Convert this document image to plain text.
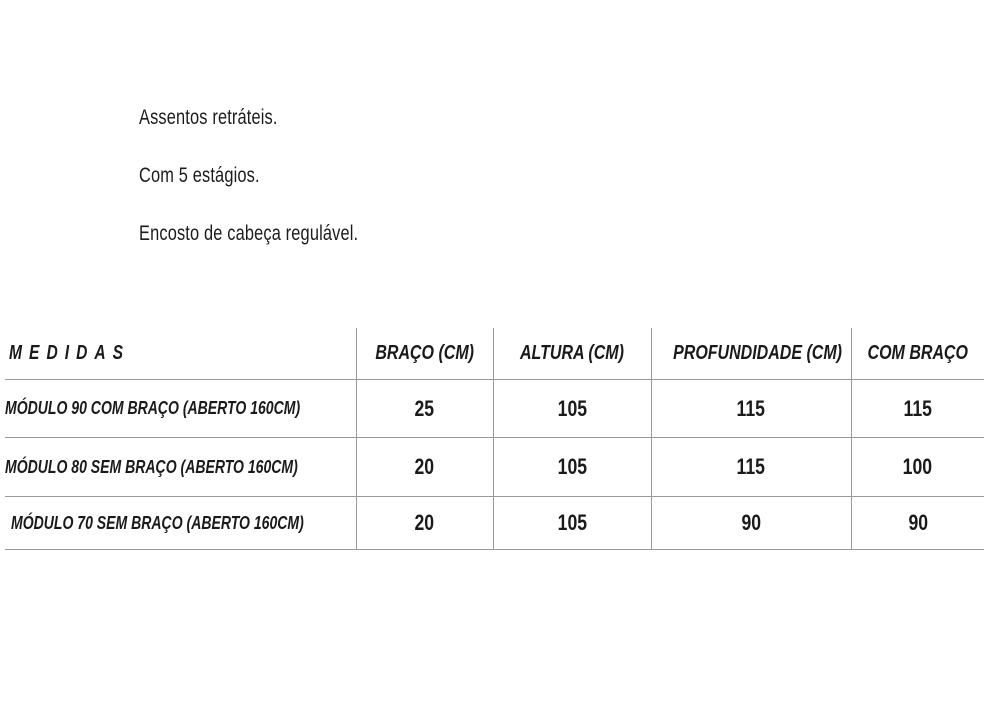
Assentos retráteis.
Com 5 estágios.
Encosto de cabeça regulável.
MEDIDAS	BRAÇO (CM)	ALTURA (CM)	PROFUNDIDADE (CM)	COM BRAÇO
MÓDULO 90 COM BRAÇO (ABERTO 160CM)	25	105	115	115
MÓDULO 80 SEM BRAÇO (ABERTO 160CM)	20	105	115	100
MÓDULO 70 SEM BRAÇO (ABERTO 160CM)	20	105	90	90
